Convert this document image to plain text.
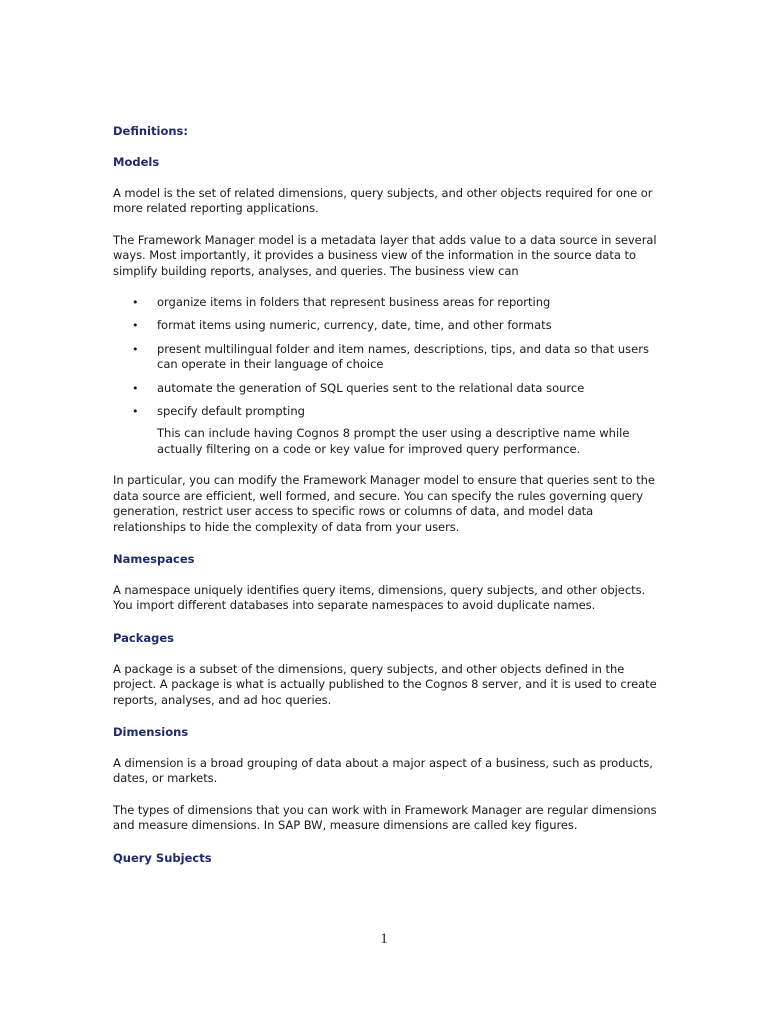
Definitions:

Models

A model is the set of related dimensions, query subjects, and other objects required for one or more related reporting applications.

The Framework Manager model is a metadata layer that adds value to a data source in several ways. Most importantly, it provides a business view of the information in the source data to simplify building reports, analyses, and queries. The business view can

• organize items in folders that represent business areas for reporting
• format items using numeric, currency, date, time, and other formats
• present multilingual folder and item names, descriptions, tips, and data so that users can operate in their language of choice
• automate the generation of SQL queries sent to the relational data source
• specify default prompting

This can include having Cognos 8 prompt the user using a descriptive name while actually filtering on a code or key value for improved query performance.

In particular, you can modify the Framework Manager model to ensure that queries sent to the data source are efficient, well formed, and secure. You can specify the rules governing query generation, restrict user access to specific rows or columns of data, and model data relationships to hide the complexity of data from your users.

Namespaces

A namespace uniquely identifies query items, dimensions, query subjects, and other objects. You import different databases into separate namespaces to avoid duplicate names.

Packages

A package is a subset of the dimensions, query subjects, and other objects defined in the project. A package is what is actually published to the Cognos 8 server, and it is used to create reports, analyses, and ad hoc queries.

Dimensions

A dimension is a broad grouping of data about a major aspect of a business, such as products, dates, or markets.

The types of dimensions that you can work with in Framework Manager are regular dimensions and measure dimensions. In SAP BW, measure dimensions are called key figures.

Query Subjects

1
